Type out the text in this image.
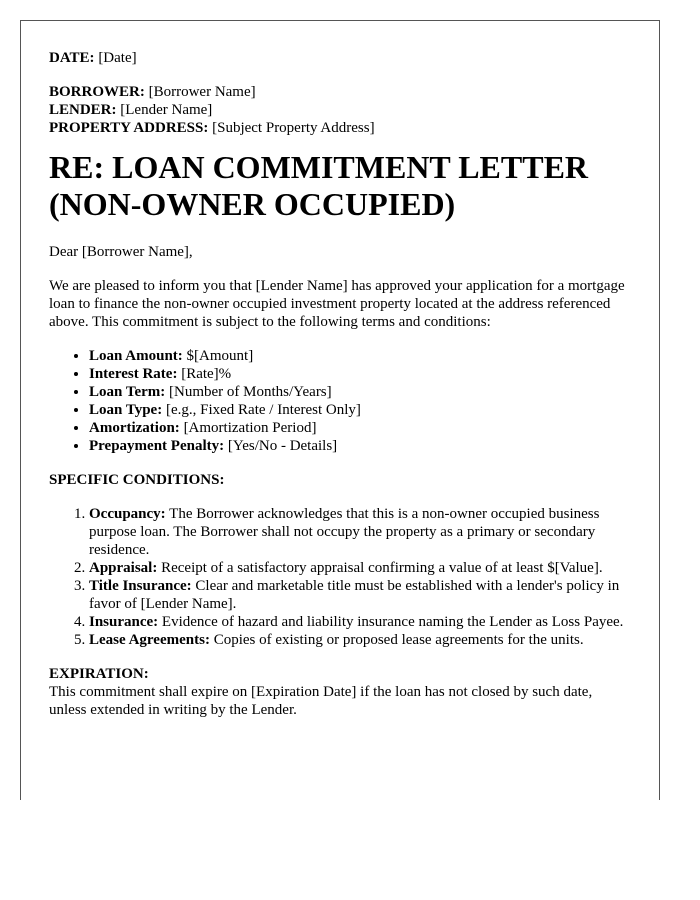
DATE: [Date]

BORROWER: [Borrower Name]

LENDER: [Lender Name]

PROPERTY ADDRESS: [Subject Property Address]

RE: LOAN COMMITMENT LETTER
(NON-OWNER OCCUPIED)

Dear [Borrower Name],

We are pleased to inform you that [Lender Name] has approved your application for a mortgage loan to finance the non-owner occupied investment property located at the address referenced above. This commitment is subject to the following terms and conditions:

• Loan Amount: $[Amount]
• Interest Rate: [Rate]%
• Loan Term: [Number of Months/Years]
• Loan Type: [e.g., Fixed Rate / Interest Only]
• Amortization: [Amortization Period]
• Prepayment Penalty: [Yes/No - Details]

SPECIFIC CONDITIONS:

1. Occupancy: The Borrower acknowledges that this is a non-owner occupied business purpose loan. The Borrower shall not occupy the property as a primary or secondary residence.
2. Appraisal: Receipt of a satisfactory appraisal confirming a value of at least $[Value].
3. Title Insurance: Clear and marketable title must be established with a lender's policy in favor of [Lender Name].
4. Insurance: Evidence of hazard and liability insurance naming the Lender as Loss Payee.
5. Lease Agreements: Copies of existing or proposed lease agreements for the units.

EXPIRATION:

This commitment shall expire on [Expiration Date] if the loan has not closed by such date, unless extended in writing by the Lender.
